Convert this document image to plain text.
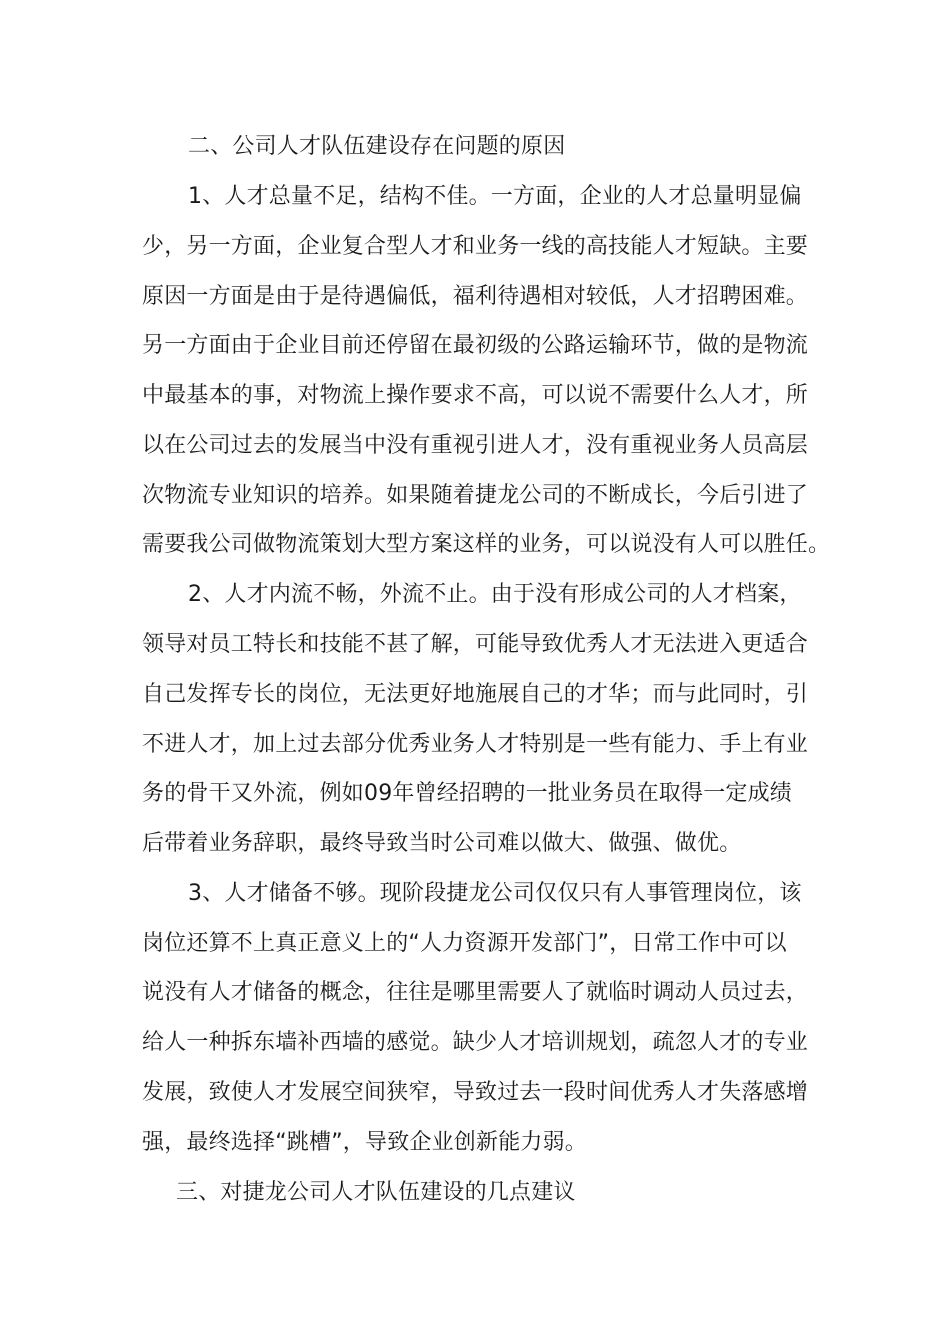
二、公司人才队伍建设存在问题的原因
1、人才总量不足，结构不佳。一方面，企业的人才总量明显偏
少，另一方面，企业复合型人才和业务一线的高技能人才短缺。主要
原因一方面是由于是待遇偏低，福利待遇相对较低，人才招聘困难。
另一方面由于企业目前还停留在最初级的公路运输环节，做的是物流
中最基本的事，对物流上操作要求不高，可以说不需要什么人才，所
以在公司过去的发展当中没有重视引进人才，没有重视业务人员高层
次物流专业知识的培养。如果随着捷龙公司的不断成长，今后引进了
需要我公司做物流策划大型方案这样的业务，可以说没有人可以胜任。
2、人才内流不畅，外流不止。由于没有形成公司的人才档案，
领导对员工特长和技能不甚了解，可能导致优秀人才无法进入更适合
自己发挥专长的岗位，无法更好地施展自己的才华；而与此同时，引
不进人才，加上过去部分优秀业务人才特别是一些有能力、手上有业
务的骨干又外流，例如09年曾经招聘的一批业务员在取得一定成绩
后带着业务辞职，最终导致当时公司难以做大、做强、做优。
3、人才储备不够。现阶段捷龙公司仅仅只有人事管理岗位，该
岗位还算不上真正意义上的“人力资源开发部门”，日常工作中可以
说没有人才储备的概念，往往是哪里需要人了就临时调动人员过去，
给人一种拆东墙补西墙的感觉。缺少人才培训规划，疏忽人才的专业
发展，致使人才发展空间狭窄，导致过去一段时间优秀人才失落感增
强，最终选择“跳槽”，导致企业创新能力弱。
三、对捷龙公司人才队伍建设的几点建议
